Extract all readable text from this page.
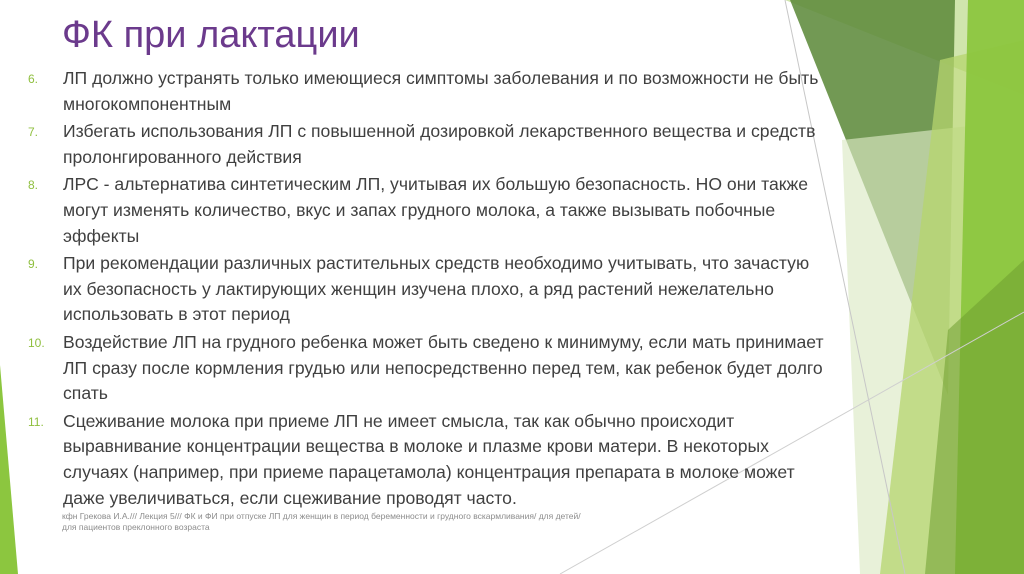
ФК при лактации
6.	ЛП должно устранять только имеющиеся симптомы заболевания и по возможности не быть многокомпонентным
7.	Избегать использования ЛП с повышенной дозировкой лекарственного вещества и средств пролонгированного действия
8.	ЛРС - альтернатива синтетическим ЛП, учитывая их большую безопасность. НО они также могут изменять количество, вкус и запах грудного молока, а также вызывать побочные эффекты
9.	При рекомендации различных растительных средств необходимо учитывать, что зачастую их безопасность у лактирующих женщин изучена плохо, а ряд растений нежелательно использовать в этот период
10.	Воздействие ЛП на грудного ребенка может быть сведено к минимуму, если мать принимает ЛП сразу после кормления грудью или непосредственно перед тем, как ребенок будет долго спать
11.	Сцеживание молока при приеме ЛП не имеет смысла, так как обычно происходит выравнивание концентрации вещества в молоке и плазме крови матери. В некоторых случаях (например, при приеме парацетамола) концентрация препарата в молоке может даже увеличиваться, если сцеживание проводят часто.
кфн Грекова И.А./// Лекция 5/// ФК и ФИ при отпуске ЛП для женщин в период беременности и грудного вскармливания/ для детей/ для пациентов преклонного возраста
